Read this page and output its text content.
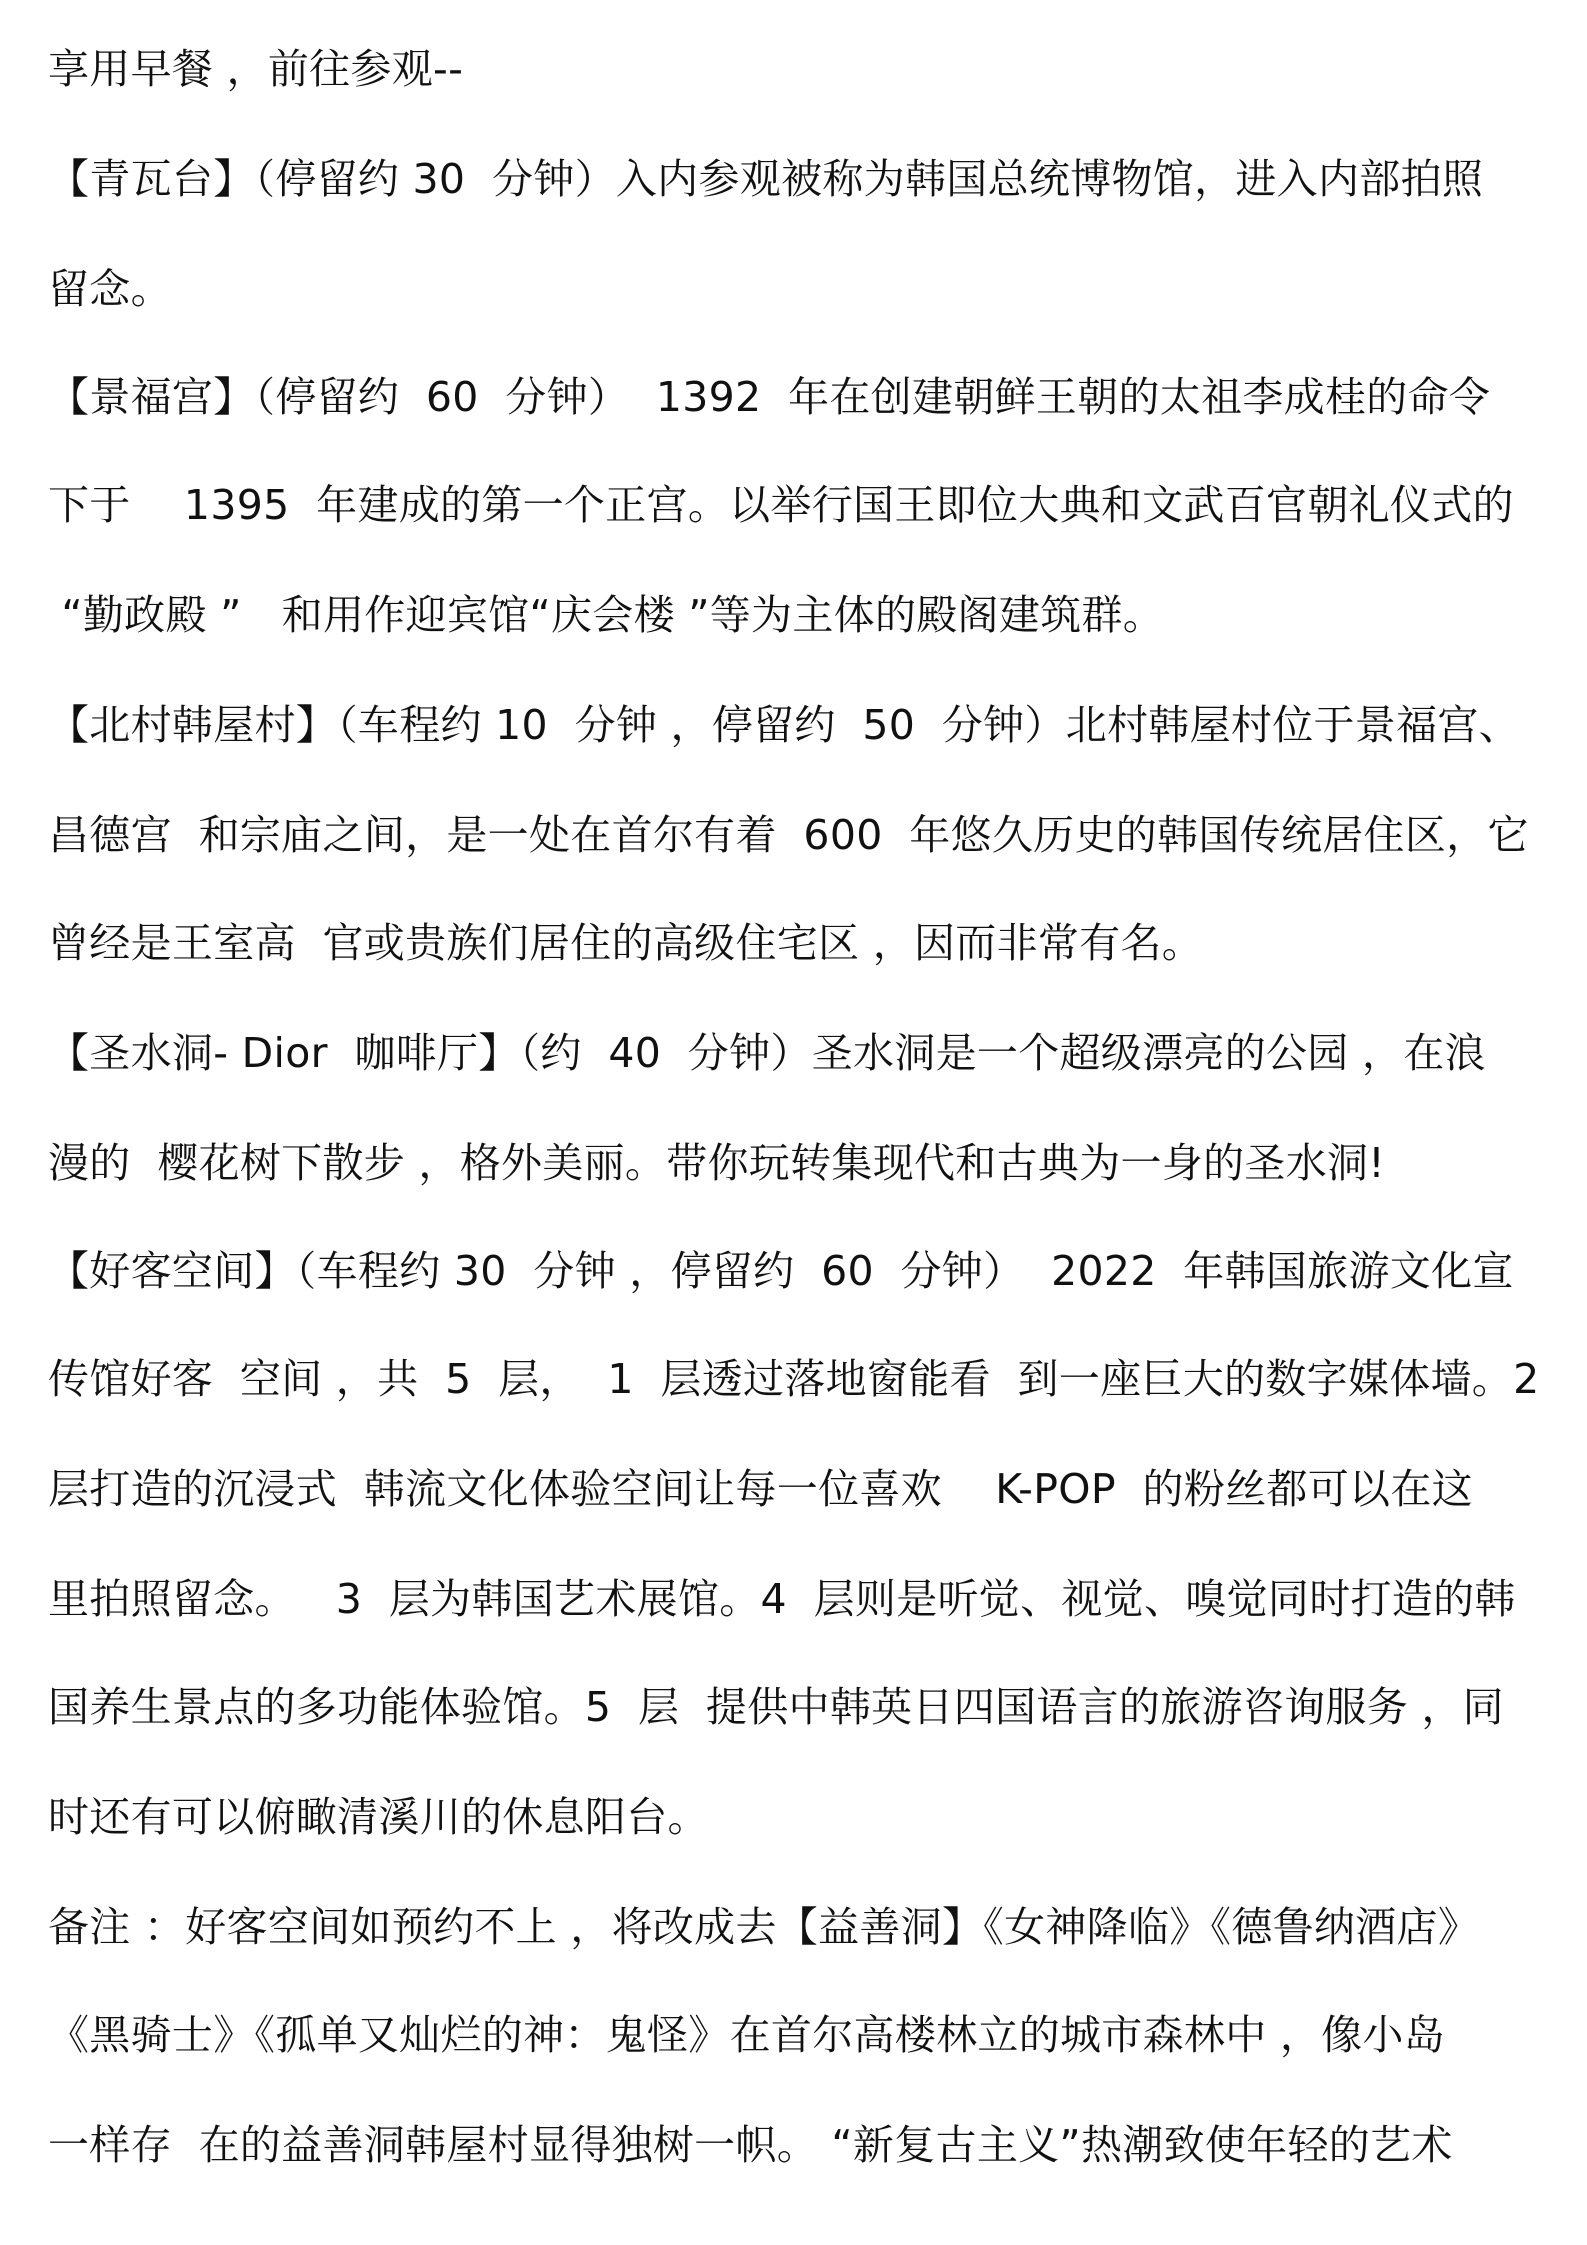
享用早餐 ，前往参观--
【青瓦台】（停留约 30  分钟）入内参观被称为韩国总统博物馆，进入内部拍照
留念。
【景福宫】（停留约  60  分钟）  1392  年在创建朝鲜王朝的太祖李成桂的命令
下于    1395  年建成的第一个正宫。以举行国王即位大典和文武百官朝礼仪式的
“勤政殿 ”   和用作迎宾馆“庆会楼 ”等为主体的殿阁建筑群。
【北村韩屋村】（车程约 10  分钟 ，停留约  50  分钟）北村韩屋村位于景福宫、
昌德宫  和宗庙之间，是一处在首尔有着  600  年悠久历史的韩国传统居住区，它
曾经是王室高  官或贵族们居住的高级住宅区 ，因而非常有名。
【圣水洞- Dior  咖啡厅】（约  40  分钟）圣水洞是一个超级漂亮的公园 ，在浪
漫的  樱花树下散步 ，格外美丽。带你玩转集现代和古典为一身的圣水洞!
【好客空间】（车程约 30  分钟 ，停留约  60  分钟）  2022  年韩国旅游文化宣
传馆好客  空间 ，共  5  层，  1  层透过落地窗能看  到一座巨大的数字媒体墙。2
层打造的沉浸式  韩流文化体验空间让每一位喜欢    K-POP  的粉丝都可以在这
里拍照留念。   3  层为韩国艺术展馆。4  层则是听觉、视觉、嗅觉同时打造的韩
国养生景点的多功能体验馆。5  层  提供中韩英日四国语言的旅游咨询服务 ，同
时还有可以俯瞰清溪川的休息阳台。
备注 ：好客空间如预约不上 ，将改成去【益善洞】《女神降临》《德鲁纳酒店》
《黑骑士》《孤单又灿烂的神：鬼怪》在首尔高楼林立的城市森林中 ，像小岛
一样存  在的益善洞韩屋村显得独树一帜。 “新复古主义”热潮致使年轻的艺术
